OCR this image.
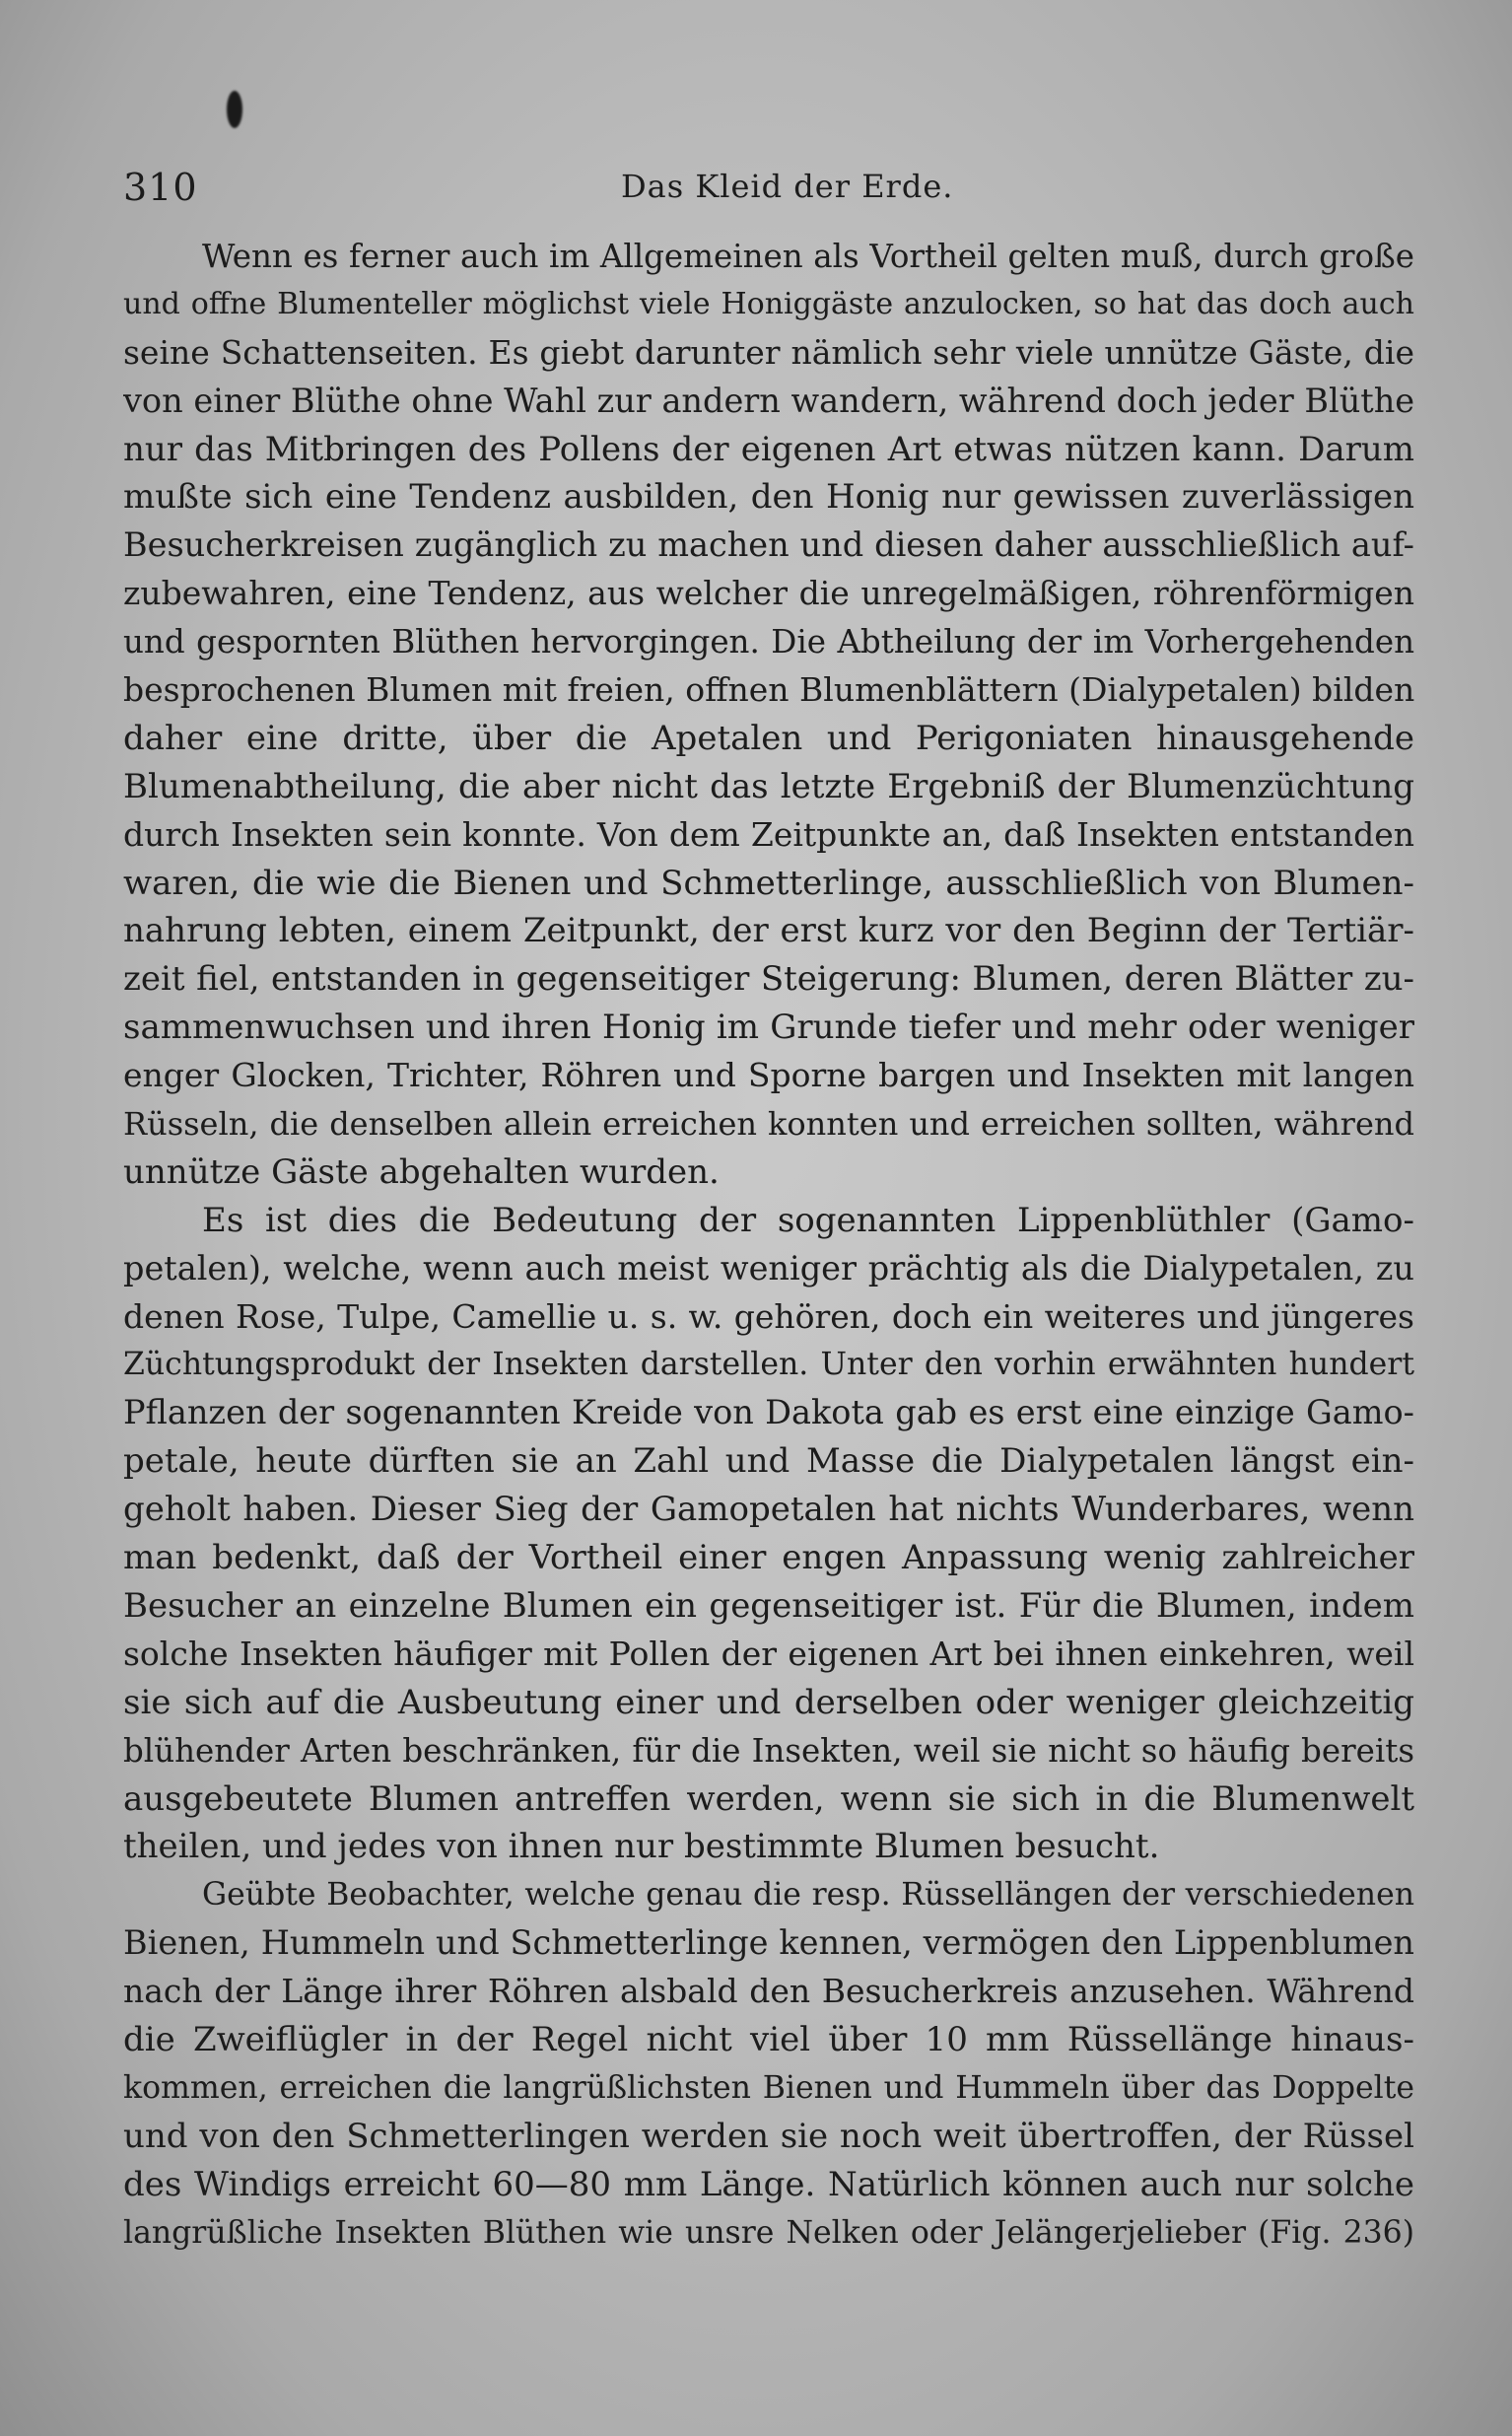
310	Das Kleid der Erde.
Wenn es ferner auch im Allgemeinen als Vortheil gelten muß, durch große
und offne Blumenteller möglichst viele Honiggäste anzulocken, so hat das doch auch
seine Schattenseiten. Es giebt darunter nämlich sehr viele unnütze Gäste, die
von einer Blüthe ohne Wahl zur andern wandern, während doch jeder Blüthe
nur das Mitbringen des Pollens der eigenen Art etwas nützen kann. Darum
mußte sich eine Tendenz ausbilden, den Honig nur gewissen zuverlässigen
Besucherkreisen zugänglich zu machen und diesen daher ausschließlich auf-
zubewahren, eine Tendenz, aus welcher die unregelmäßigen, röhrenförmigen
und gespornten Blüthen hervorgingen. Die Abtheilung der im Vorhergehenden
besprochenen Blumen mit freien, offnen Blumenblättern (Dialypetalen) bilden
daher eine dritte, über die Apetalen und Perigoniaten hinausgehende
Blumenabtheilung, die aber nicht das letzte Ergebniß der Blumenzüchtung
durch Insekten sein konnte. Von dem Zeitpunkte an, daß Insekten entstanden
waren, die wie die Bienen und Schmetterlinge, ausschließlich von Blumen-
nahrung lebten, einem Zeitpunkt, der erst kurz vor den Beginn der Tertiär-
zeit fiel, entstanden in gegenseitiger Steigerung: Blumen, deren Blätter zu-
sammenwuchsen und ihren Honig im Grunde tiefer und mehr oder weniger
enger Glocken, Trichter, Röhren und Sporne bargen und Insekten mit langen
Rüsseln, die denselben allein erreichen konnten und erreichen sollten, während
unnütze Gäste abgehalten wurden.
Es ist dies die Bedeutung der sogenannten Lippenblüthler (Gamo-
petalen), welche, wenn auch meist weniger prächtig als die Dialypetalen, zu
denen Rose, Tulpe, Camellie u. s. w. gehören, doch ein weiteres und jüngeres
Züchtungsprodukt der Insekten darstellen. Unter den vorhin erwähnten hundert
Pflanzen der sogenannten Kreide von Dakota gab es erst eine einzige Gamo-
petale, heute dürften sie an Zahl und Masse die Dialypetalen längst ein-
geholt haben. Dieser Sieg der Gamopetalen hat nichts Wunderbares, wenn
man bedenkt, daß der Vortheil einer engen Anpassung wenig zahlreicher
Besucher an einzelne Blumen ein gegenseitiger ist. Für die Blumen, indem
solche Insekten häufiger mit Pollen der eigenen Art bei ihnen einkehren, weil
sie sich auf die Ausbeutung einer und derselben oder weniger gleichzeitig
blühender Arten beschränken, für die Insekten, weil sie nicht so häufig bereits
ausgebeutete Blumen antreffen werden, wenn sie sich in die Blumenwelt
theilen, und jedes von ihnen nur bestimmte Blumen besucht.
Geübte Beobachter, welche genau die resp. Rüssellängen der verschiedenen
Bienen, Hummeln und Schmetterlinge kennen, vermögen den Lippenblumen
nach der Länge ihrer Röhren alsbald den Besucherkreis anzusehen. Während
die Zweiflügler in der Regel nicht viel über 10 mm Rüssellänge hinaus-
kommen, erreichen die langrüßlichsten Bienen und Hummeln über das Doppelte
und von den Schmetterlingen werden sie noch weit übertroffen, der Rüssel
des Windigs erreicht 60—80 mm Länge. Natürlich können auch nur solche
langrüßliche Insekten Blüthen wie unsre Nelken oder Jelängerjelieber (Fig. 236)
